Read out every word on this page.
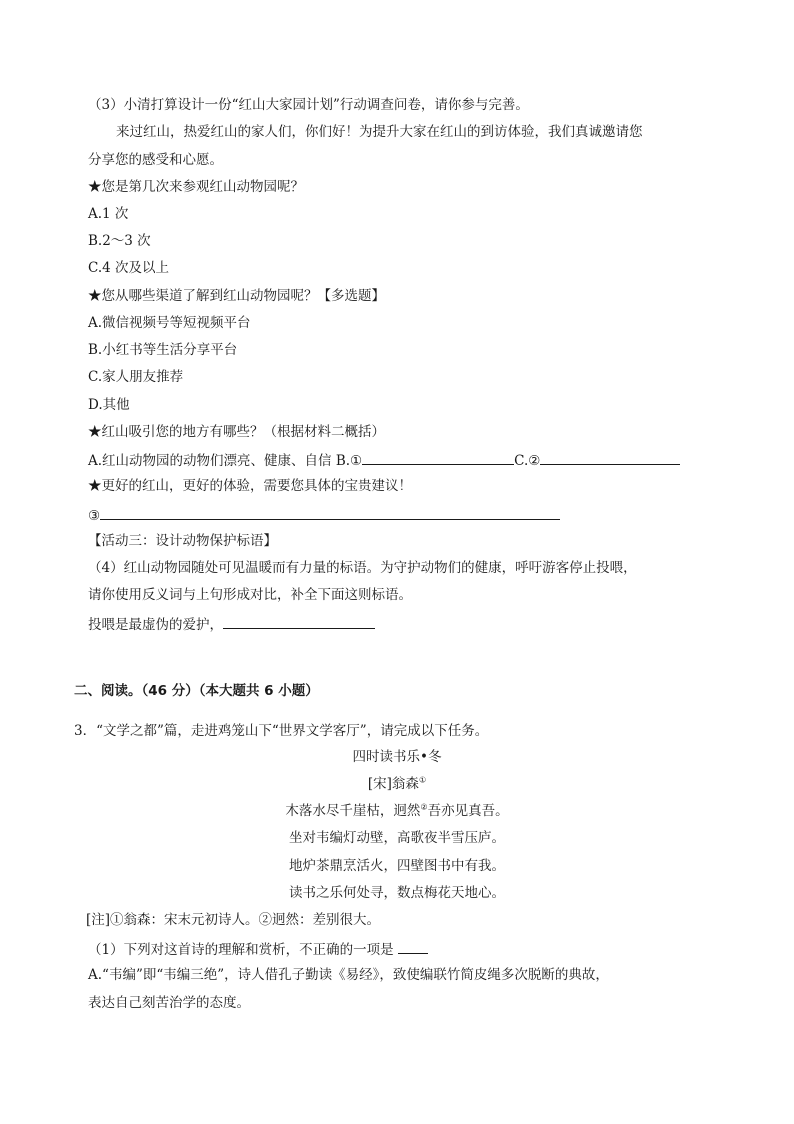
（3）小清打算设计一份“红山大家园计划”行动调查问卷，请你参与完善。
来过红山，热爱红山的家人们，你们好！为提升大家在红山的到访体验，我们真诚邀请您
分享您的感受和心愿。
★您是第几次来参观红山动物园呢？
A.1 次
B.2～3 次
C.4 次及以上
★您从哪些渠道了解到红山动物园呢？【多选题】
A.微信视频号等短视频平台
B.小红书等生活分享平台
C.家人朋友推荐
D.其他
★红山吸引您的地方有哪些？（根据材料二概括）
A.红山动物园的动物们漂亮、健康、自信 B.①	C.②
★更好的红山，更好的体验，需要您具体的宝贵建议！
③
【活动三：设计动物保护标语】
（4）红山动物园随处可见温暖而有力量的标语。为守护动物们的健康，呼吁游客停止投喂，
请你使用反义词与上句形成对比，补全下面这则标语。
投喂是最虚伪的爱护，
二、阅读。（46 分）（本大题共 6 小题）
3．“文学之都”篇，走进鸡笼山下“世界文学客厅”，请完成以下任务。
四时读书乐•冬
[宋]翁森①
木落水尽千崖枯，迥然②吾亦见真吾。
坐对韦编灯动壁，高歌夜半雪压庐。
地炉茶鼎烹活火，四壁图书中有我。
读书之乐何处寻，数点梅花天地心。
[注]①翁森：宋末元初诗人。②迥然：差别很大。
（1）下列对这首诗的理解和赏析，不正确的一项是
A.“韦编”即“韦编三绝”，诗人借孔子勤读《易经》，致使编联竹简皮绳多次脱断的典故，
表达自己刻苦治学的态度。
